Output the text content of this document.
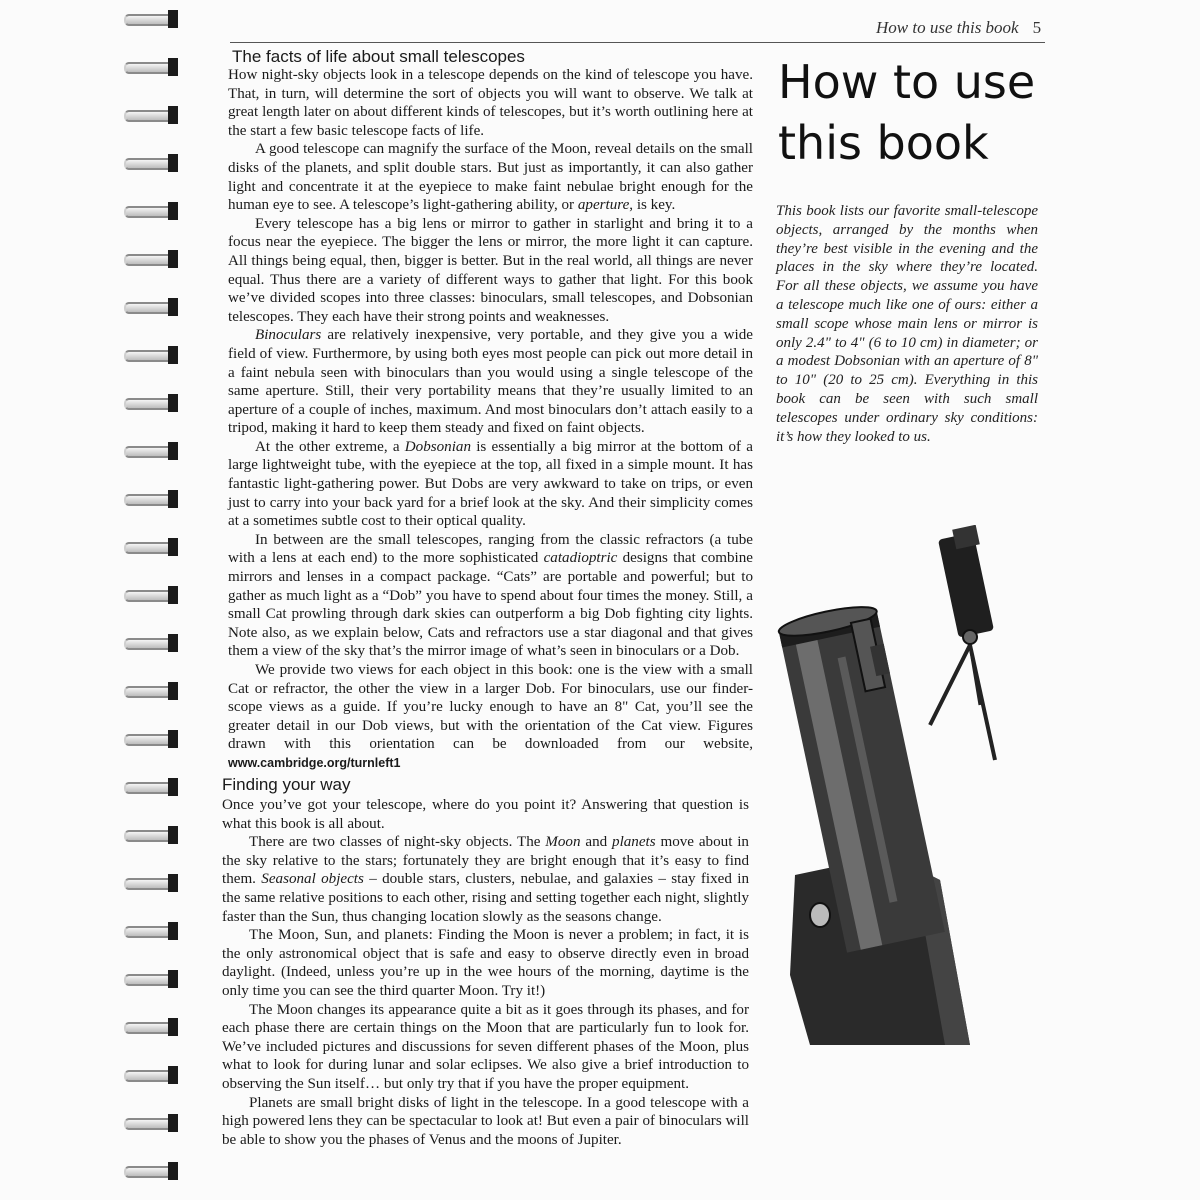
How to use this book 5
The facts of life about small telescopes

How night-sky objects look in a telescope depends on the kind of telescope you have. That, in turn, will determine the sort of objects you will want to observe. We talk at great length later on about different kinds of telescopes, but it’s worth outlining here at the start a few basic telescope facts of life.

A good telescope can magnify the surface of the Moon, reveal details on the small disks of the planets, and split double stars. But just as importantly, it can also gather light and concentrate it at the eyepiece to make faint nebulae bright enough for the human eye to see. A telescope’s light-gathering ability, or aperture, is key.

Every telescope has a big lens or mirror to gather in starlight and bring it to a focus near the eyepiece. The bigger the lens or mirror, the more light it can capture. All things being equal, then, bigger is better. But in the real world, all things are never equal. Thus there are a variety of different ways to gather that light. For this book we’ve divided scopes into three classes: binoculars, small telescopes, and Dobsonian telescopes. They each have their strong points and weaknesses.

Binoculars are relatively inexpensive, very portable, and they give you a wide field of view. Furthermore, by using both eyes most people can pick out more detail in a faint nebula seen with binoculars than you would using a single telescope of the same aperture. Still, their very portability means that they’re usually limited to an aperture of a couple of inches, maximum. And most binoculars don’t attach easily to a tripod, making it hard to keep them steady and fixed on faint objects.

At the other extreme, a Dobsonian is essentially a big mirror at the bottom of a large lightweight tube, with the eyepiece at the top, all fixed in a simple mount. It has fantastic light-gathering power. But Dobs are very awkward to take on trips, or even just to carry into your back yard for a brief look at the sky. And their simplicity comes at a sometimes subtle cost to their optical quality.

In between are the small telescopes, ranging from the classic refractors (a tube with a lens at each end) to the more sophisticated catadioptric designs that combine mirrors and lenses in a compact package. “Cats” are portable and powerful; but to gather as much light as a “Dob” you have to spend about four times the money. Still, a small Cat prowling through dark skies can outperform a big Dob fighting city lights. Note also, as we explain below, Cats and refractors use a star diagonal and that gives them a view of the sky that’s the mirror image of what’s seen in binoculars or a Dob.

We provide two views for each object in this book: one is the view with a small Cat or refractor, the other the view in a larger Dob. For binoculars, use our finder-scope views as a guide. If you’re lucky enough to have an 8" Cat, you’ll see the greater detail in our Dob views, but with the orientation of the Cat view. Figures drawn with this orientation can be downloaded from our website, www.cambridge.org/turnleft1

Finding your way

Once you’ve got your telescope, where do you point it? Answering that question is what this book is all about.

There are two classes of night-sky objects. The Moon and planets move about in the sky relative to the stars; fortunately they are bright enough that it’s easy to find them. Seasonal objects – double stars, clusters, nebulae, and galaxies – stay fixed in the same relative positions to each other, rising and setting together each night, slightly faster than the Sun, thus changing location slowly as the seasons change.

The Moon, Sun, and planets: Finding the Moon is never a problem; in fact, it is the only astronomical object that is safe and easy to observe directly even in broad daylight. (Indeed, unless you’re up in the wee hours of the morning, daytime is the only time you can see the third quarter Moon. Try it!)

The Moon changes its appearance quite a bit as it goes through its phases, and for each phase there are certain things on the Moon that are particularly fun to look for. We’ve included pictures and discussions for seven different phases of the Moon, plus what to look for during lunar and solar eclipses. We also give a brief introduction to observing the Sun itself… but only try that if you have the proper equipment.

Planets are small bright disks of light in the telescope. In a good telescope with a high powered lens they can be spectacular to look at! But even a pair of binoculars will be able to show you the phases of Venus and the moons of Jupiter.

How to use
this book
This book lists our favorite small-telescope objects, arranged by the months when they’re best visible in the evening and the places in the sky where they’re located. For all these objects, we assume you have a telescope much like one of ours: either a small scope whose main lens or mirror is only 2.4" to 4" (6 to 10 cm) in diameter; or a modest Dobsonian with an aperture of 8" to 10" (20 to 25 cm). Everything in this book can be seen with such small telescopes under ordinary sky conditions: it’s how they looked to us.
